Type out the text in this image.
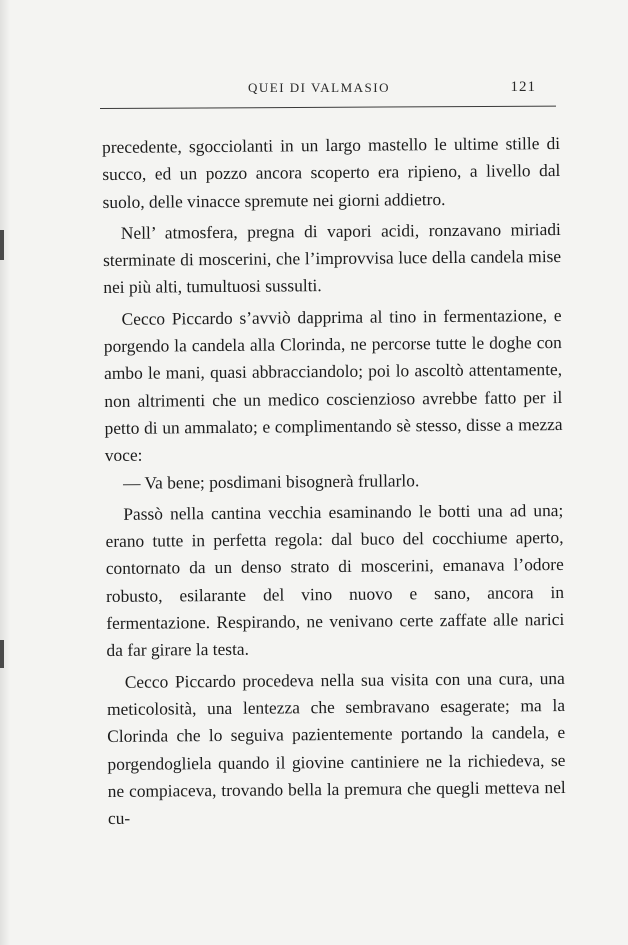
QUEI DI VALMASIO	121

precedente, sgocciolanti in un largo mastello le ultime stille di succo, ed un pozzo ancora scoperto era ripieno, a livello dal suolo, delle vinacce spremute nei giorni addietro.

Nell’ atmosfera, pregna di vapori acidi, ronzavano miriadi sterminate di moscerini, che l’improvvisa luce della candela mise nei più alti, tumultuosi sussulti.

Cecco Piccardo s’avviò dapprima al tino in fermentazione, e porgendo la candela alla Clorinda, ne percorse tutte le doghe con ambo le mani, quasi abbracciandolo; poi lo ascoltò attentamente, non altrimenti che un medico coscienzioso avrebbe fatto per il petto di un ammalato; e complimentando sè stesso, disse a mezza voce:

— Va bene; posdimani bisognerà frullarlo.

Passò nella cantina vecchia esaminando le botti una ad una; erano tutte in perfetta regola: dal buco del cocchiume aperto, contornato da un denso strato di moscerini, emanava l’odore robusto, esilarante del vino nuovo e sano, ancora in fermentazione. Respirando, ne venivano certe zaffate alle narici da far girare la testa.

Cecco Piccardo procedeva nella sua visita con una cura, una meticolosità, una lentezza che sembravano esagerate; ma la Clorinda che lo seguiva pazientemente portando la candela, e porgendogliela quando il giovine cantiniere ne la richiedeva, se ne compiaceva, trovando bella la premura che quegli metteva nel cu-
